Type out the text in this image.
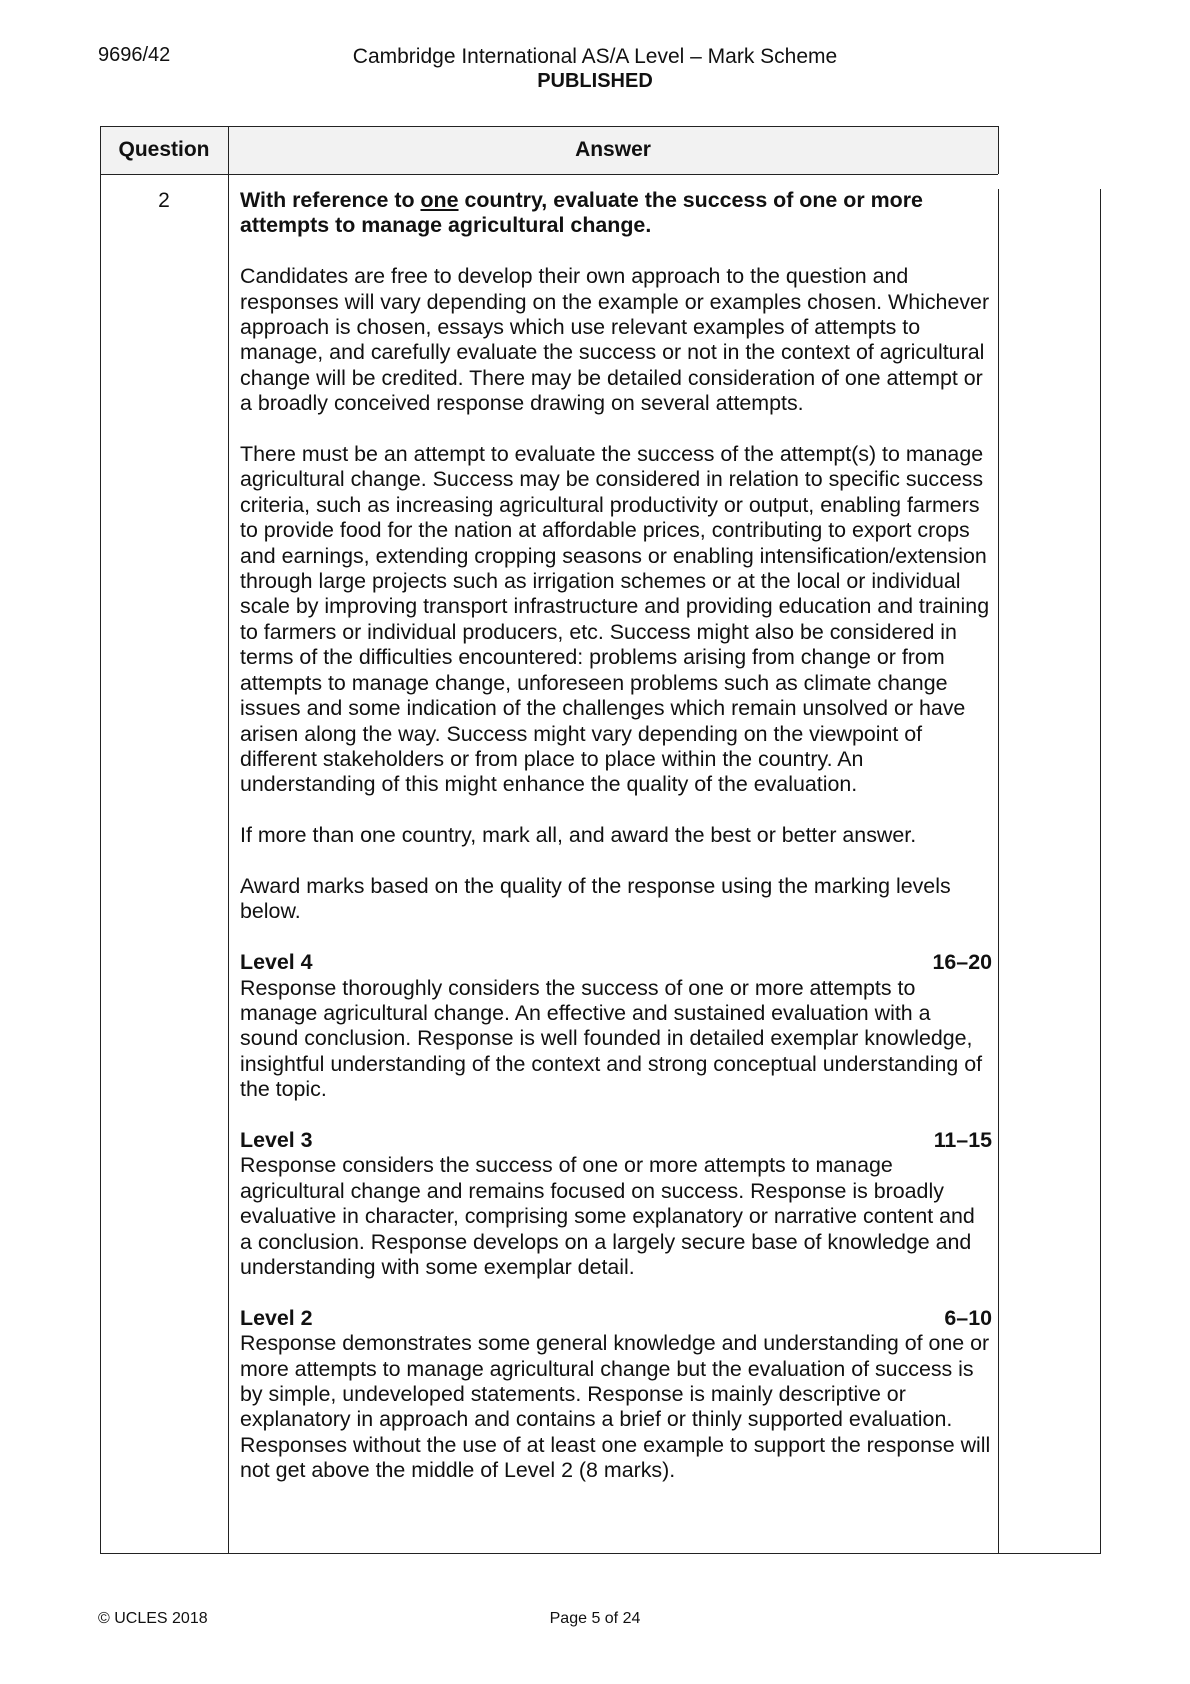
9696/42	Cambridge International AS/A Level – Mark Scheme
PUBLISHED
Question	Answer
2	With reference to one country, evaluate the success of one or more attempts to manage agricultural change.

Candidates are free to develop their own approach to the question and responses will vary depending on the example or examples chosen. Whichever approach is chosen, essays which use relevant examples of attempts to manage, and carefully evaluate the success or not in the context of agricultural change will be credited. There may be detailed consideration of one attempt or a broadly conceived response drawing on several attempts.

There must be an attempt to evaluate the success of the attempt(s) to manage agricultural change. Success may be considered in relation to specific success criteria, such as increasing agricultural productivity or output, enabling farmers to provide food for the nation at affordable prices, contributing to export crops and earnings, extending cropping seasons or enabling intensification/extension through large projects such as irrigation schemes or at the local or individual scale by improving transport infrastructure and providing education and training to farmers or individual producers, etc. Success might also be considered in terms of the difficulties encountered: problems arising from change or from attempts to manage change, unforeseen problems such as climate change issues and some indication of the challenges which remain unsolved or have arisen along the way. Success might vary depending on the viewpoint of different stakeholders or from place to place within the country. An understanding of this might enhance the quality of the evaluation.

If more than one country, mark all, and award the best or better answer.

Award marks based on the quality of the response using the marking levels below.

Level 4	16–20
Response thoroughly considers the success of one or more attempts to manage agricultural change. An effective and sustained evaluation with a sound conclusion. Response is well founded in detailed exemplar knowledge, insightful understanding of the context and strong conceptual understanding of the topic.
Level 3	11–15
Response considers the success of one or more attempts to manage agricultural change and remains focused on success. Response is broadly evaluative in character, comprising some explanatory or narrative content and a conclusion. Response develops on a largely secure base of knowledge and understanding with some exemplar detail.
Level 2	6–10
Response demonstrates some general knowledge and understanding of one or more attempts to manage agricultural change but the evaluation of success is by simple, undeveloped statements. Response is mainly descriptive or explanatory in approach and contains a brief or thinly supported evaluation. Responses without the use of at least one example to support the response will not get above the middle of Level 2 (8 marks).
© UCLES 2018	Page 5 of 24
